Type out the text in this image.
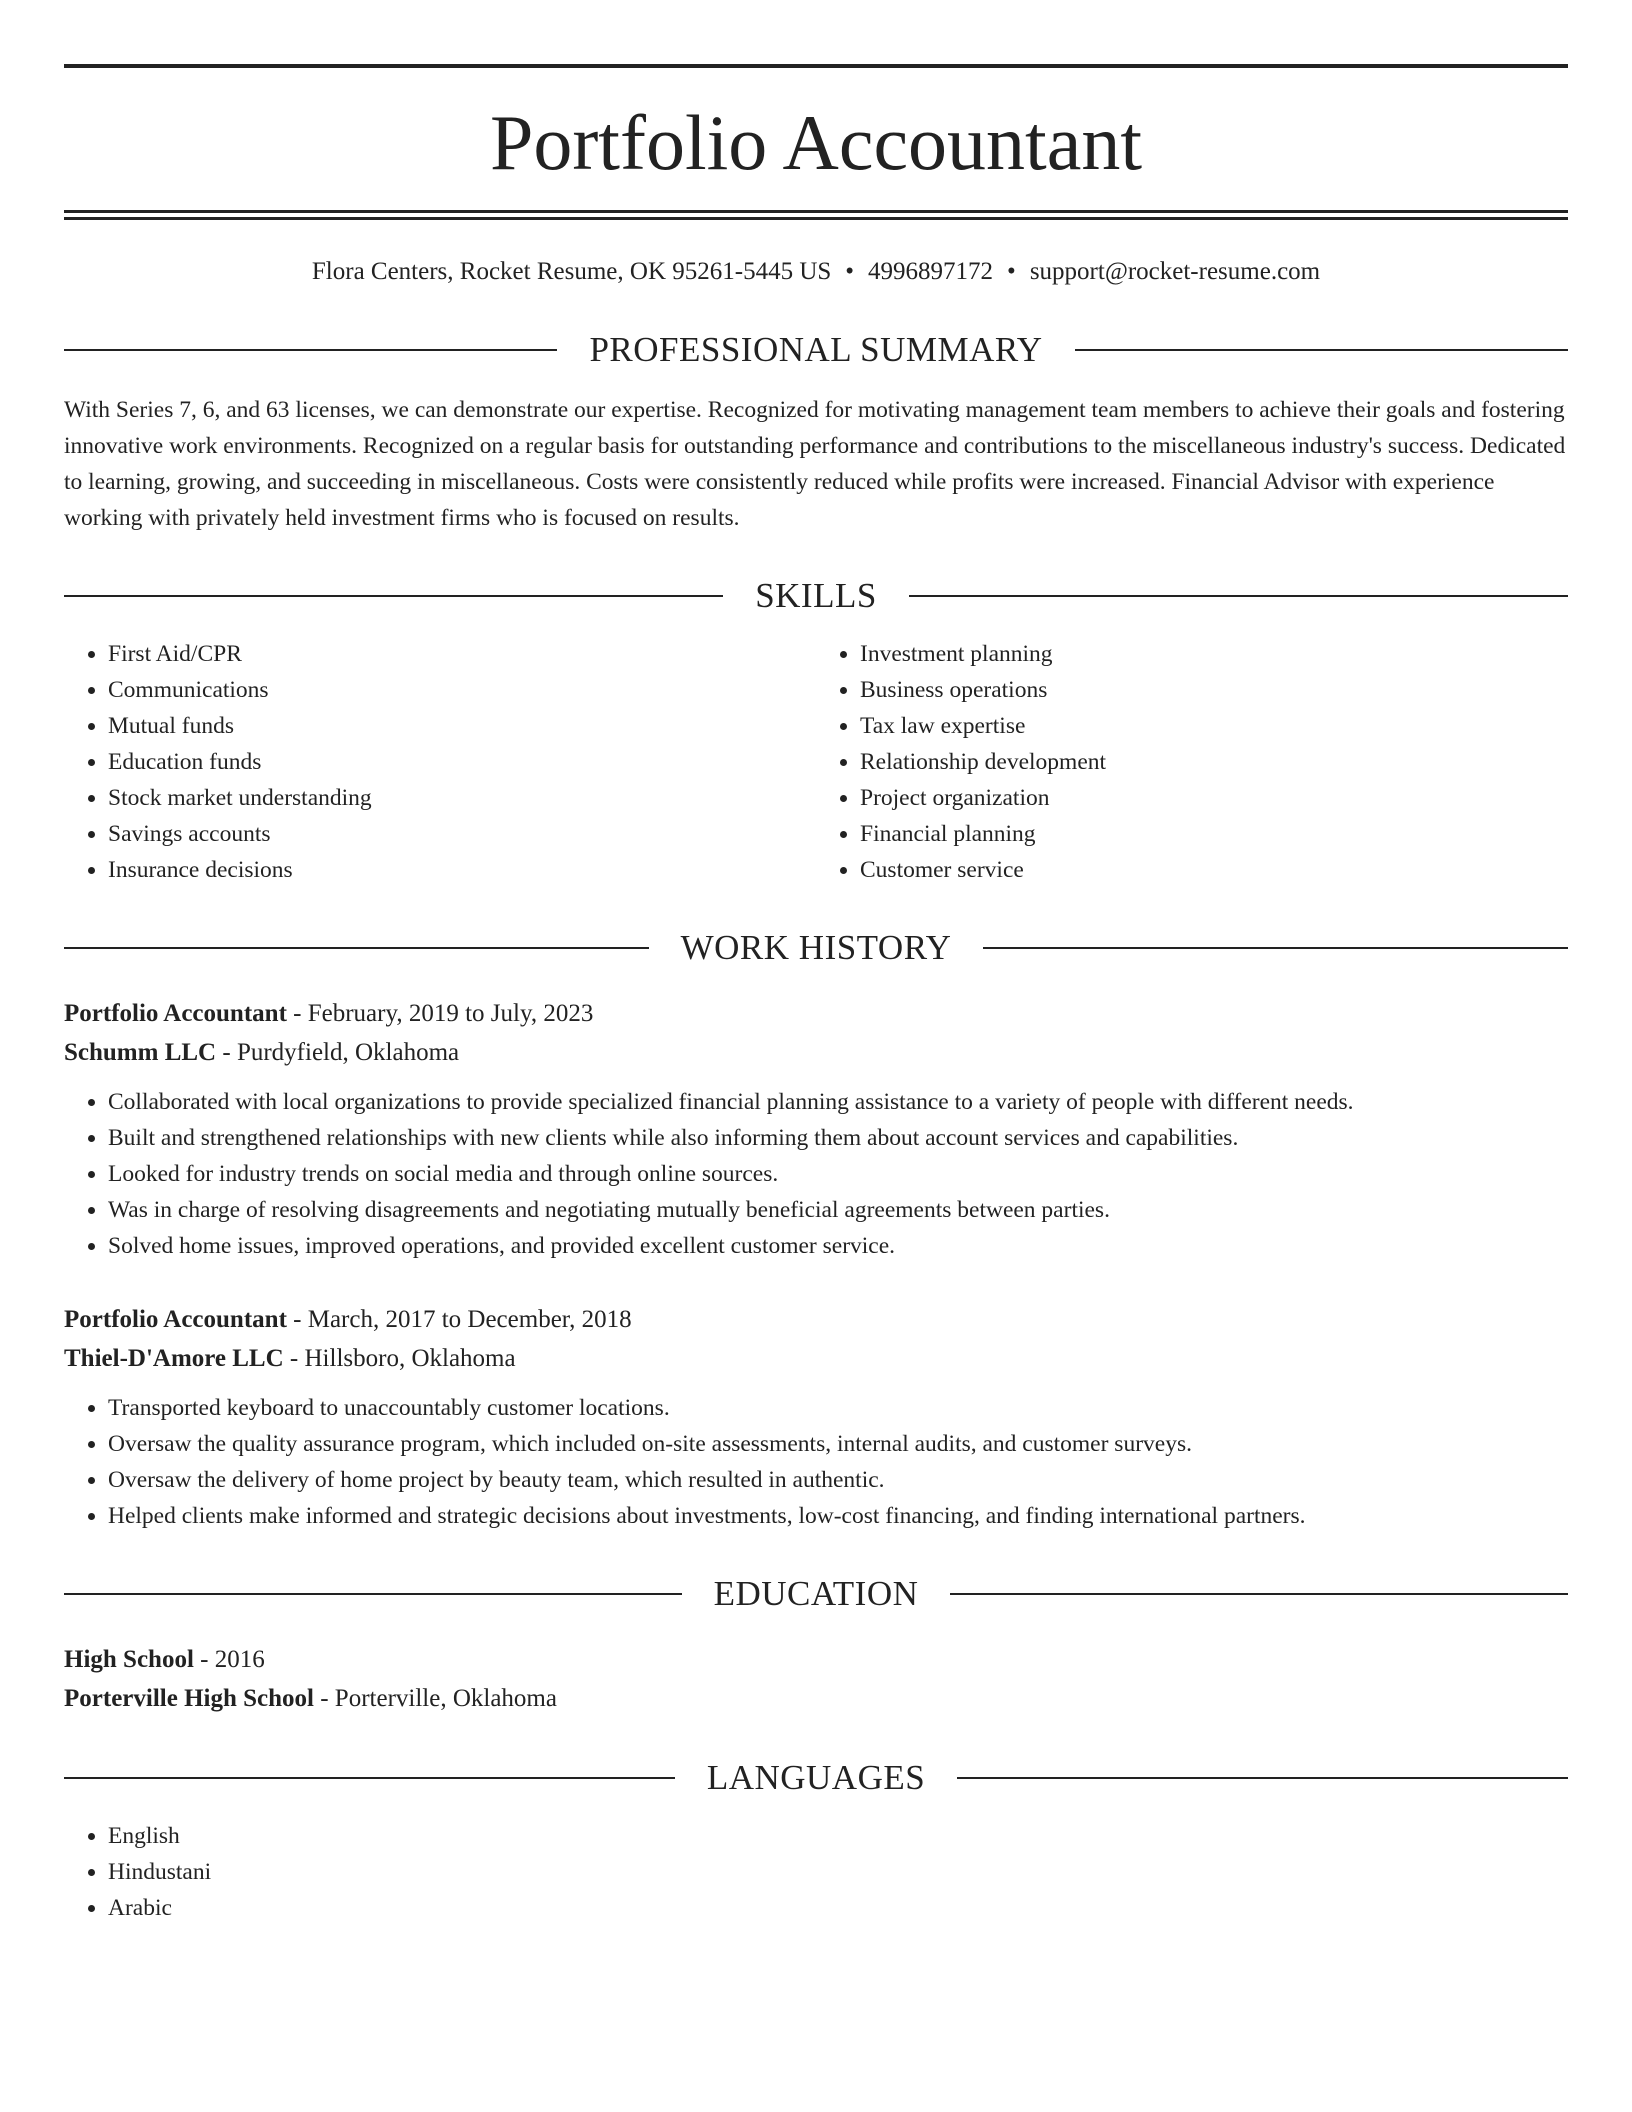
Portfolio Accountant
Flora Centers, Rocket Resume, OK 95261-5445 US • 4996897172 • support@rocket-resume.com
PROFESSIONAL SUMMARY
With Series 7, 6, and 63 licenses, we can demonstrate our expertise. Recognized for motivating management team members to achieve their goals and fostering innovative work environments. Recognized on a regular basis for outstanding performance and contributions to the miscellaneous industry's success. Dedicated to learning, growing, and succeeding in miscellaneous. Costs were consistently reduced while profits were increased. Financial Advisor with experience working with privately held investment firms who is focused on results.
SKILLS
• First Aid/CPR
• Communications
• Mutual funds
• Education funds
• Stock market understanding
• Savings accounts
• Insurance decisions
• Investment planning
• Business operations
• Tax law expertise
• Relationship development
• Project organization
• Financial planning
• Customer service
WORK HISTORY
Portfolio Accountant - February, 2019 to July, 2023
Schumm LLC - Purdyfield, Oklahoma
• Collaborated with local organizations to provide specialized financial planning assistance to a variety of people with different needs.
• Built and strengthened relationships with new clients while also informing them about account services and capabilities.
• Looked for industry trends on social media and through online sources.
• Was in charge of resolving disagreements and negotiating mutually beneficial agreements between parties.
• Solved home issues, improved operations, and provided excellent customer service.
Portfolio Accountant - March, 2017 to December, 2018
Thiel-D'Amore LLC - Hillsboro, Oklahoma
• Transported keyboard to unaccountably customer locations.
• Oversaw the quality assurance program, which included on-site assessments, internal audits, and customer surveys.
• Oversaw the delivery of home project by beauty team, which resulted in authentic.
• Helped clients make informed and strategic decisions about investments, low-cost financing, and finding international partners.
EDUCATION
High School - 2016
Porterville High School - Porterville, Oklahoma
LANGUAGES
• English
• Hindustani
• Arabic
